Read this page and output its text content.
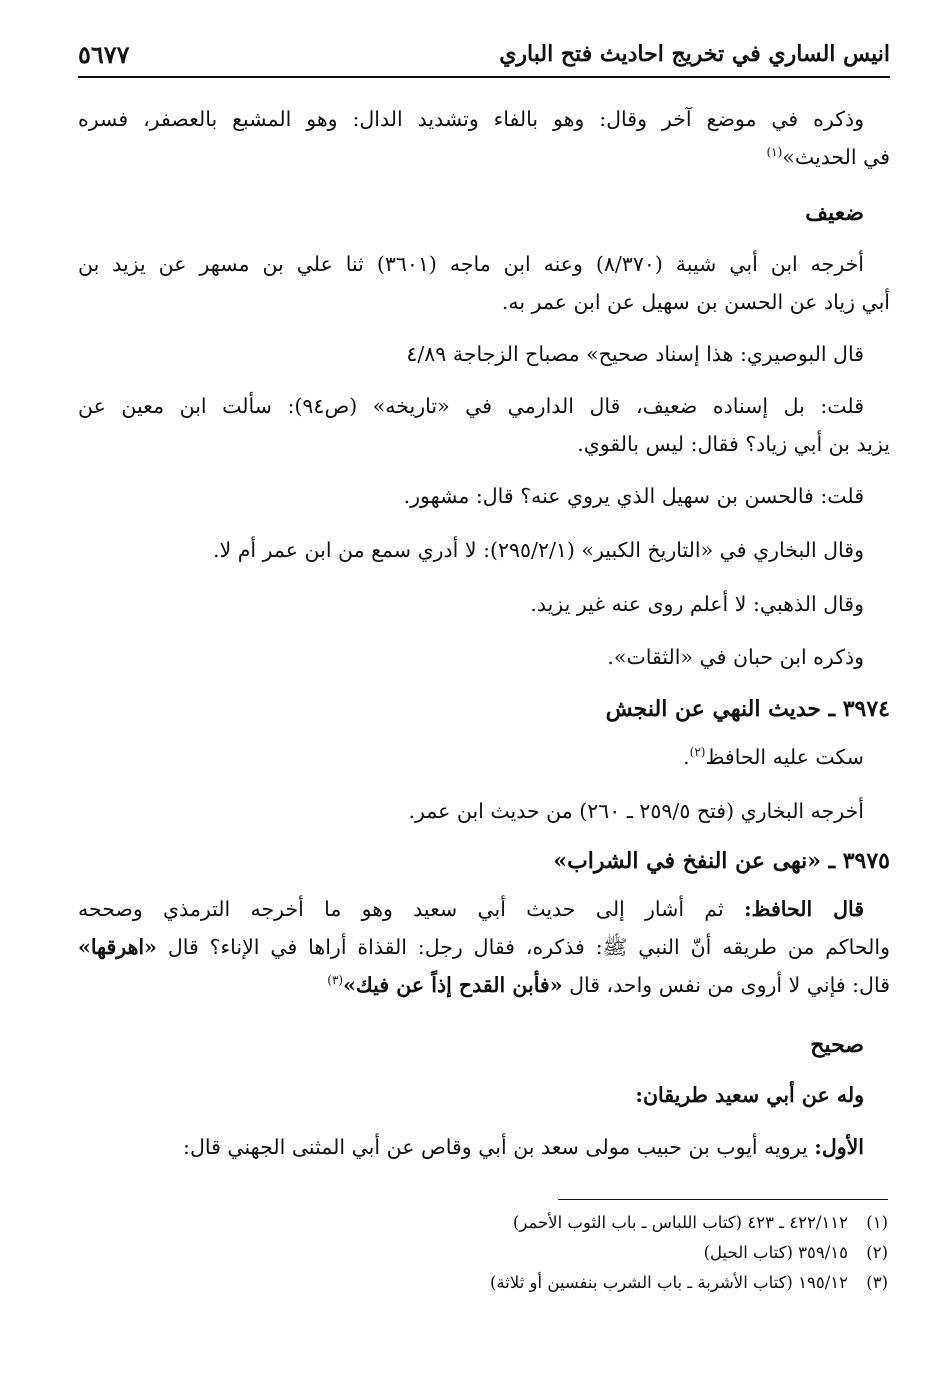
٥٦٧٧	انيس الساري في تخريج احاديث فتح الباري
وذكره في موضع آخر وقال: وهو بالفاء وتشديد الدال: وهو المشبع بالعصفر، فسره
في الحديث»$^{(١)}$
ضعيف
أخرجه ابن أبي شيبة (٨/٣٧٠) وعنه ابن ماجه (٣٦٠١) ثنا علي بن مسهر عن يزيد بن
أبي زياد عن الحسن بن سهيل عن ابن عمر به.
قال البوصيري: هذا إسناد صحيح» مصباح الزجاجة ٤/٨٩
قلت: بل إسناده ضعيف، قال الدارمي في «تاريخه» (ص٩٤): سألت ابن معين عن
يزيد بن أبي زياد؟ فقال: ليس بالقوي.
قلت: فالحسن بن سهيل الذي يروي عنه؟ قال: مشهور.
وقال البخاري في «التاريخ الكبير» (٢٩٥/٢/١): لا أدري سمع من ابن عمر أم لا.
وقال الذهبي: لا أعلم روى عنه غير يزيد.
وذكره ابن حبان في «الثقات».
٣٩٧٤ ـ حديث النهي عن النجش
سكت عليه الحافظ$^{(٢)}$.
أخرجه البخاري (فتح ٢٥٩/٥ ـ ٢٦٠) من حديث ابن عمر.
٣٩٧٥ ـ «نهى عن النفخ في الشراب»
قال الحافظ: ثم أشار إلى حديث أبي سعيد وهو ما أخرجه الترمذي وصححه
والحاكم من طريقه أنّ النبي ﷺ: فذكره، فقال رجل: القذاة أراها في الإناء؟ قال «اهرقها»
قال: فإني لا أروى من نفس واحد، قال «فأبن القدح إذاً عن فيك»$^{(٣)}$
صحيح
وله عن أبي سعيد طريقان:
الأول: يرويه أيوب بن حبيب مولى سعد بن أبي وقاص عن أبي المثنى الجهني قال:
(١)٤٢٢/١١٢ ـ ٤٢٣ (كتاب اللباس ـ باب الثوب الأحمر)
(٢)٣٥٩/١٥ (كتاب الحيل)
(٣)١٩٥/١٢ (كتاب الأشربة ـ باب الشرب بنفسين أو ثلاثة)
